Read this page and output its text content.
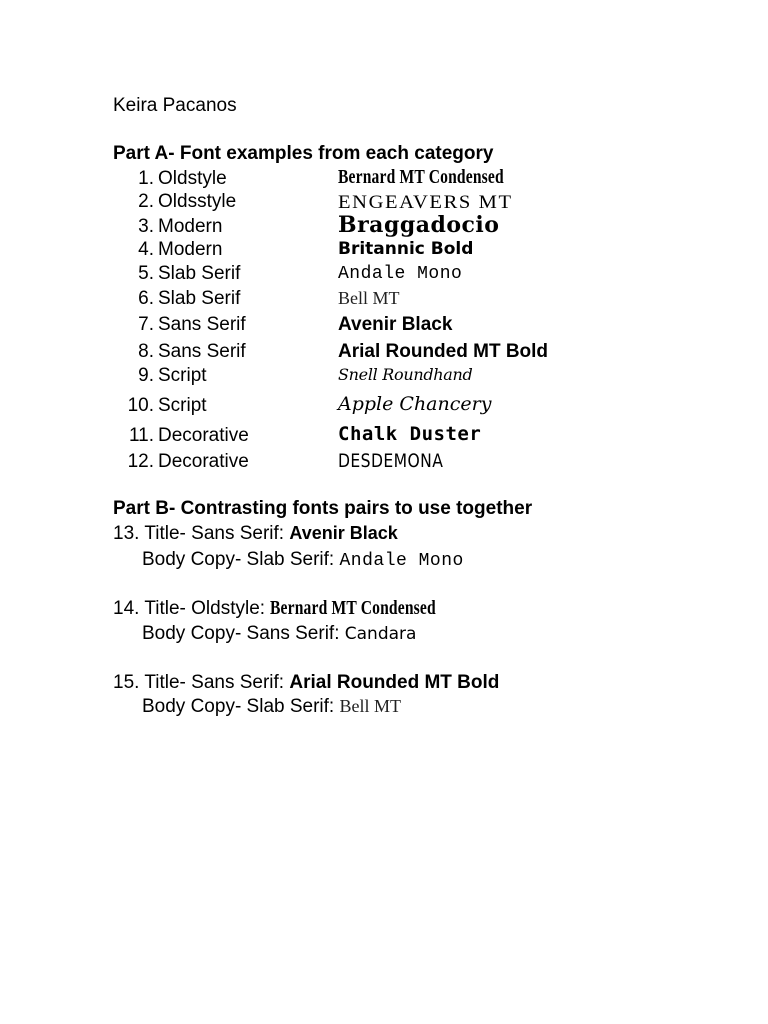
Keira Pacanos
Part A- Font examples from each category
1. Oldstyle	Bernard MT Condensed
2. Oldsstyle	ENGEAVERS MT
3. Modern	Braggadocio
4. Modern	Britannic Bold
5. Slab Serif	Andale Mono
6. Slab Serif	Bell MT
7. Sans Serif	Avenir Black
8. Sans Serif	Arial Rounded MT Bold
9. Script	Snell Roundhand
10. Script	Apple Chancery
11. Decorative	Chalk Duster
12. Decorative	DESDEMONA
Part B- Contrasting fonts pairs to use together
13. Title- Sans Serif: Avenir Black
Body Copy- Slab Serif: Andale Mono
14. Title- Oldstyle: Bernard MT Condensed
Body Copy- Sans Serif: Candara
15. Title- Sans Serif: Arial Rounded MT Bold
Body Copy- Slab Serif: Bell MT
